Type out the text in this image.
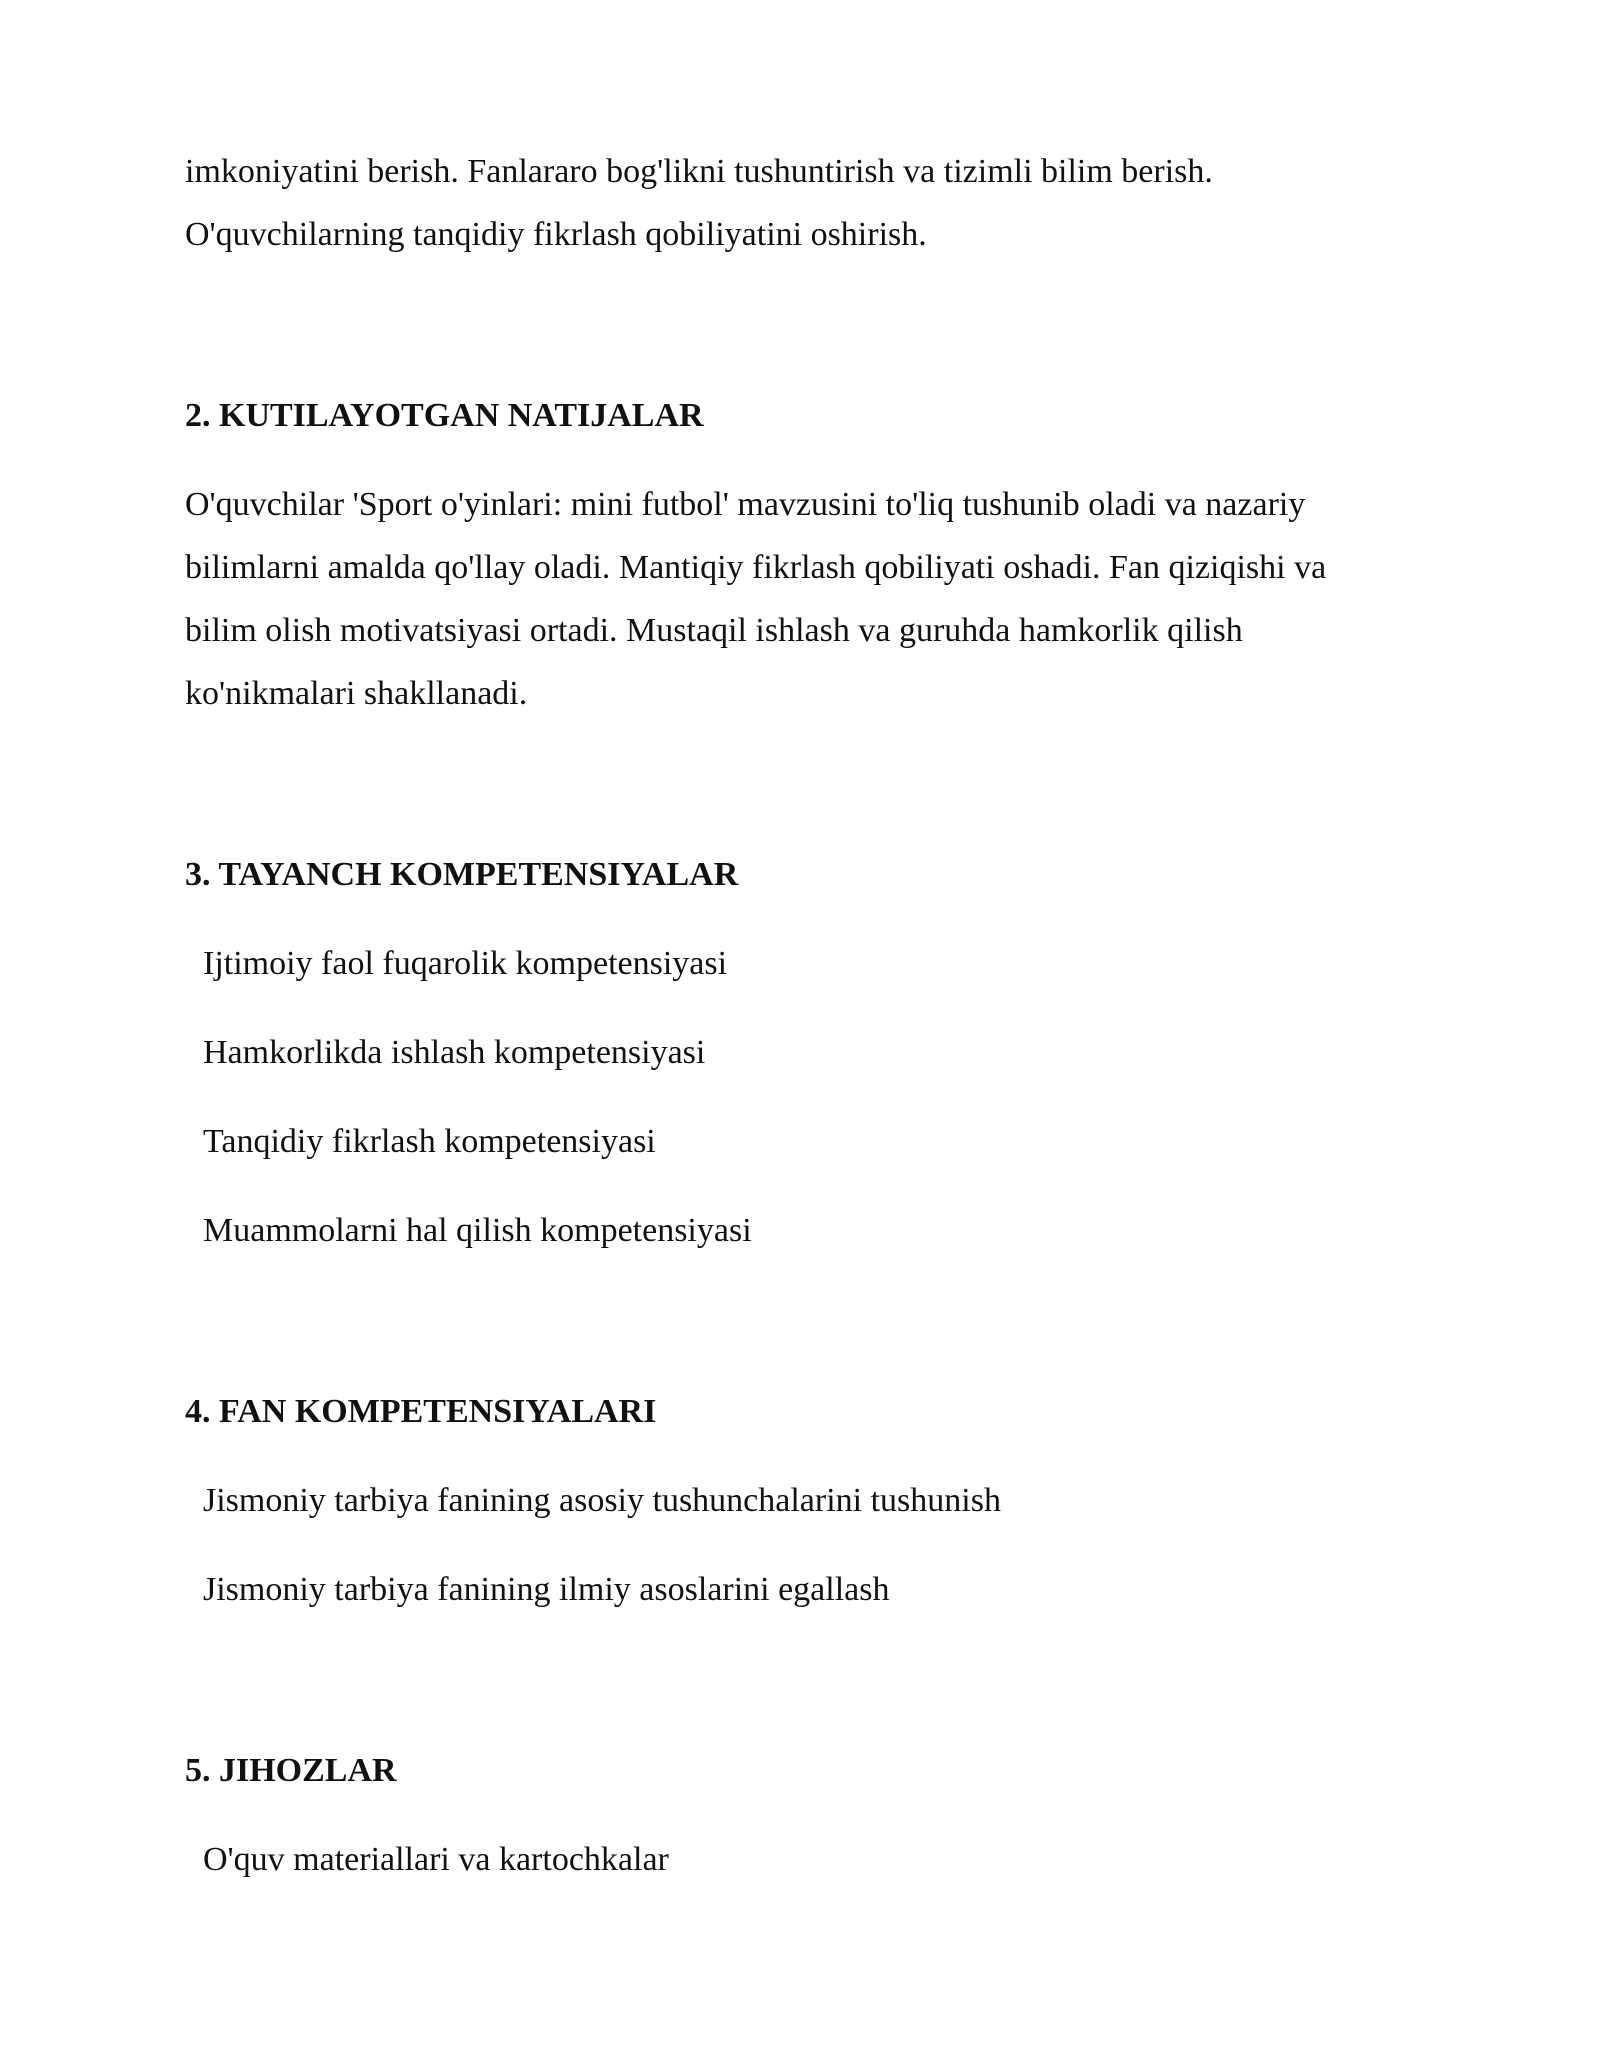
imkoniyatini berish. Fanlararo bog'likni tushuntirish va tizimli bilim berish.
O'quvchilarning tanqidiy fikrlash qobiliyatini oshirish.

2. KUTILAYOTGAN NATIJALAR

O'quvchilar 'Sport o'yinlari: mini futbol' mavzusini to'liq tushunib oladi va nazariy
bilimlarni amalda qo'llay oladi. Mantiqiy fikrlash qobiliyati oshadi. Fan qiziqishi va
bilim olish motivatsiyasi ortadi. Mustaqil ishlash va guruhda hamkorlik qilish
ko'nikmalari shakllanadi.

3. TAYANCH KOMPETENSIYALAR
Ijtimoiy faol fuqarolik kompetensiyasi
Hamkorlikda ishlash kompetensiyasi
Tanqidiy fikrlash kompetensiyasi
Muammolarni hal qilish kompetensiyasi
4. FAN KOMPETENSIYALARI
Jismoniy tarbiya fanining asosiy tushunchalarini tushunish
Jismoniy tarbiya fanining ilmiy asoslarini egallash
5. JIHOZLAR
O'quv materiallari va kartochkalar
